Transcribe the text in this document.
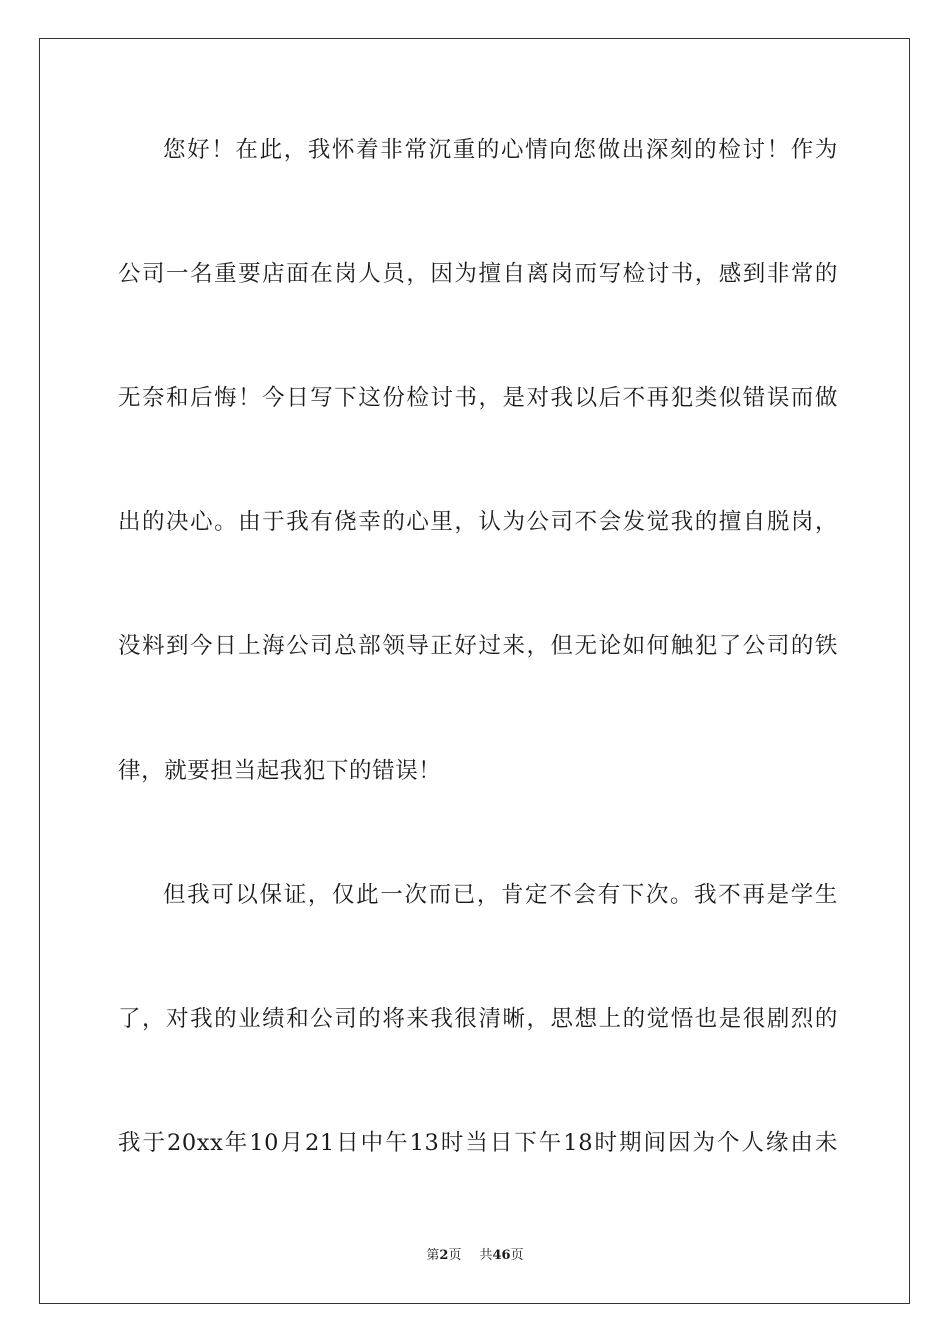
您好！在此，我怀着非常沉重的心情向您做出深刻的检讨！作为
公司一名重要店面在岗人员，因为擅自离岗而写检讨书，感到非常的
无奈和后悔！今日写下这份检讨书，是对我以后不再犯类似错误而做
出的决心。由于我有侥幸的心里，认为公司不会发觉我的擅自脱岗，
没料到今日上海公司总部领导正好过来，但无论如何触犯了公司的铁
律，就要担当起我犯下的错误！
但我可以保证，仅此一次而已，肯定不会有下次。我不再是学生
了，对我的业绩和公司的将来我很清晰，思想上的觉悟也是很剧烈的
我于20xx年10月21日中午13时当日下午18时期间因为个人缘由未
第2页 共46页
